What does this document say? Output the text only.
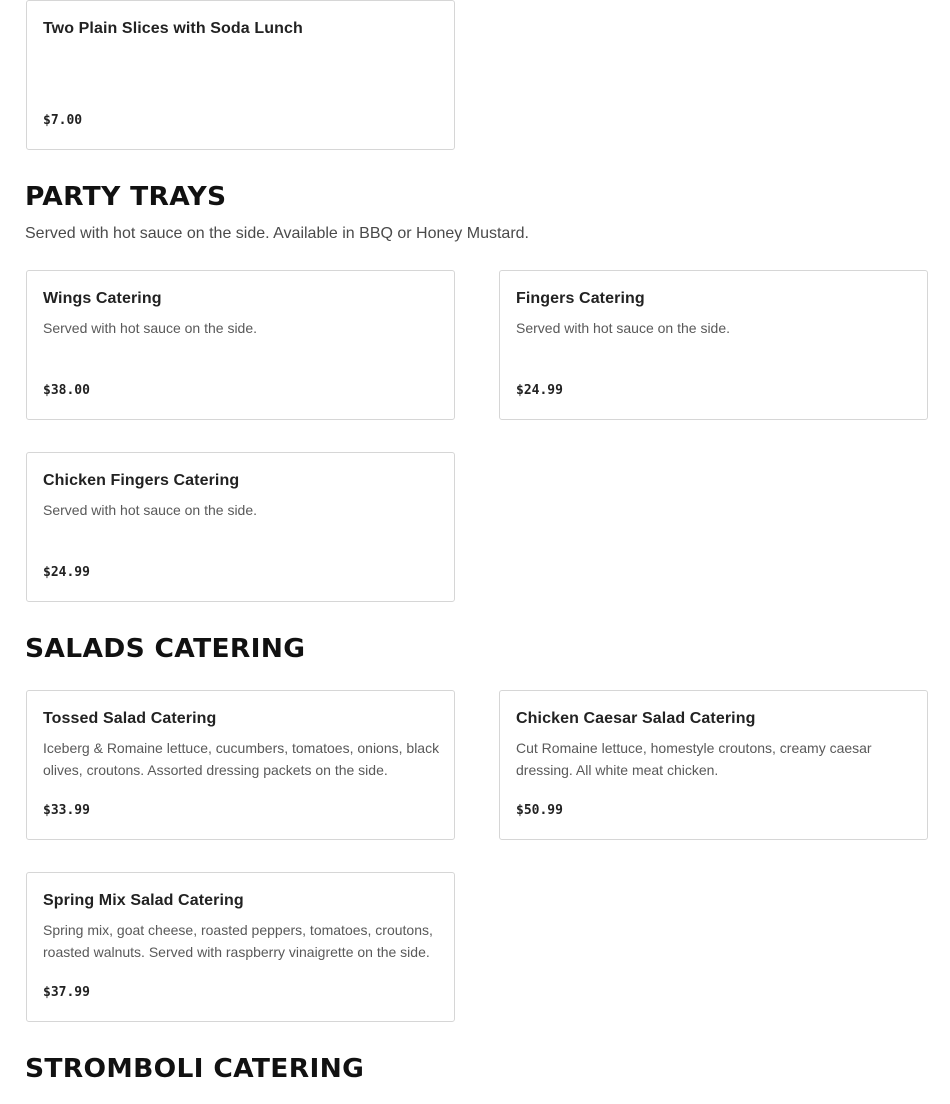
Two Plain Slices with Soda Lunch
$7.00
PARTY TRAYS
Served with hot sauce on the side. Available in BBQ or Honey Mustard.
Wings Catering
Served with hot sauce on the side.
$38.00
Fingers Catering
Served with hot sauce on the side.
$24.99
Chicken Fingers Catering
Served with hot sauce on the side.
$24.99
SALADS CATERING
Tossed Salad Catering
Iceberg & Romaine lettuce, cucumbers, tomatoes, onions, black olives, croutons. Assorted dressing packets on the side.
$33.99
Chicken Caesar Salad Catering
Cut Romaine lettuce, homestyle croutons, creamy caesar dressing. All white meat chicken.
$50.99
Spring Mix Salad Catering
Spring mix, goat cheese, roasted peppers, tomatoes, croutons, roasted walnuts. Served with raspberry vinaigrette on the side.
$37.99
STROMBOLI CATERING
